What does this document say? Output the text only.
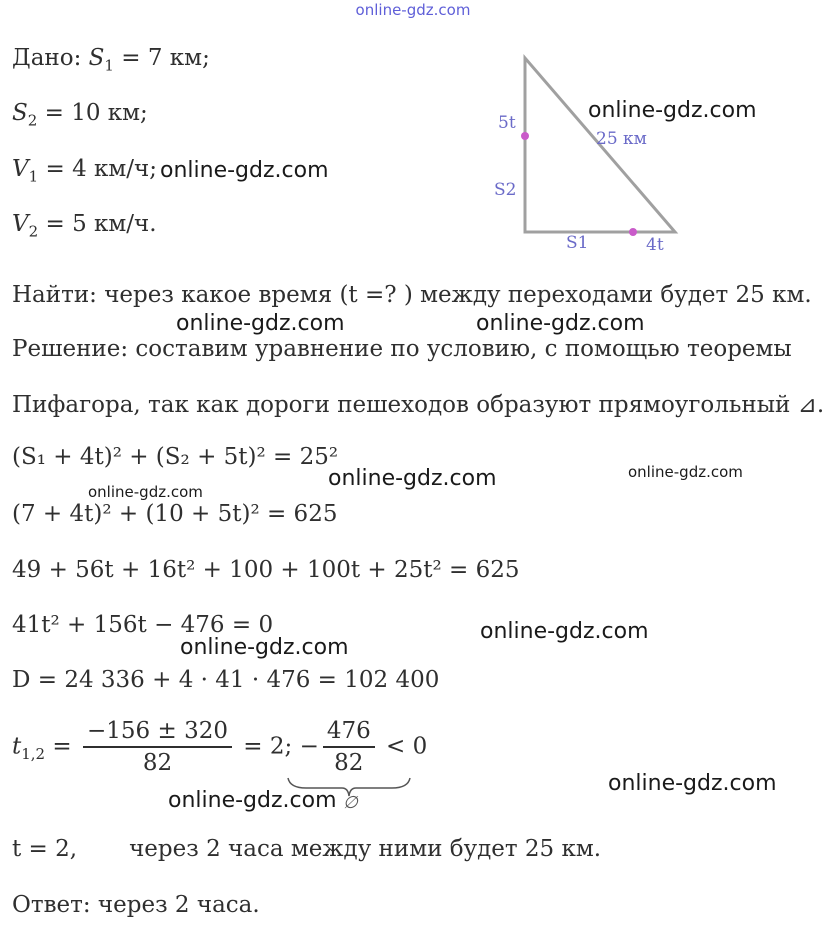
online-gdz.com
Дано: $S_1 = 7$ км;
$S_2 = 10$ км;
$V_1 = 4$ км/ч;
$V_2 = 5$ км/ч.
5t
S2
S1	4t
25 км
Найти: через какое время (t =? ) между переходами будет 25 км.
Решение: составим уравнение по условию, с помощью теоремы
Пифагора, так как дороги пешеходов образуют прямоугольный ⊿.
(S₁ + 4t)² + (S₂ + 5t)² = 25²
(7 + 4t)² + (10 + 5t)² = 625
49 + 56t + 16t² + 100 + 100t + 25t² = 625
41t² + 156t − 476 = 0
D = 24 336 + 4 · 41 · 476 = 102 400
$t_{1,2} = \frac{-156 \pm 320}{82} = 2$; − $\frac{476}{82} < 0$
∅
t = 2, через 2 часа между ними будет 25 км.
Ответ: через 2 часа.
online-gdz.com
online-gdz.com
online-gdz.com	online-gdz.com
online-gdz.com
online-gdz.com
online-gdz.com
online-gdz.com
online-gdz.com
online-gdz.com
online-gdz.com
